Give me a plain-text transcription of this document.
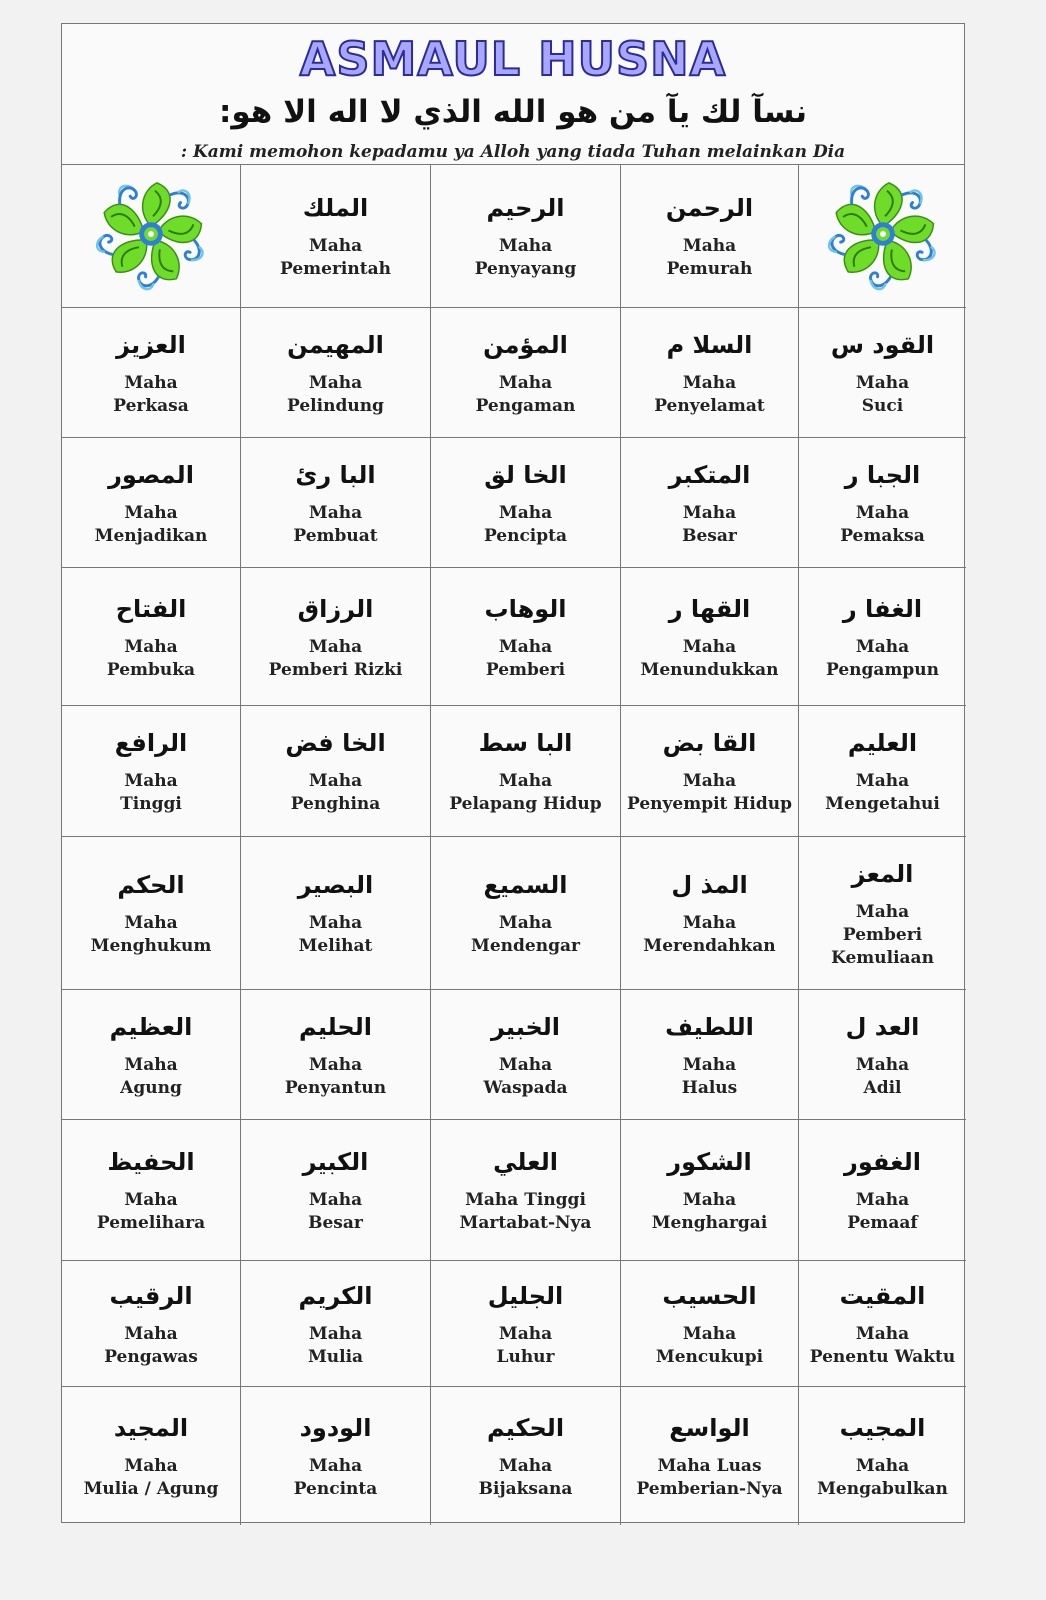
ASMAUL HUSNA
نسآ لك يآ من هو الله الذي لا اله الا هو:
: Kami memohon kepadamu ya Alloh yang tiada Tuhan melainkan Dia
الملك
Maha
Pemerintah
الرحيم
Maha
Penyayang
الرحمن
Maha
Pemurah
العزيز
Maha
Perkasa
المهيمن
Maha
Pelindung
المؤمن
Maha
Pengaman
السلا م
Maha
Penyelamat
القود س
Maha
Suci
المصور
Maha
Menjadikan
البا رئ
Maha
Pembuat
الخا لق
Maha
Pencipta
المتكبر
Maha
Besar
الجبا ر
Maha
Pemaksa
الفتاح
Maha
Pembuka
الرزاق
Maha
Pemberi Rizki
الوهاب
Maha
Pemberi
القها ر
Maha
Menundukkan
الغفا ر
Maha
Pengampun
الرافع
Maha
Tinggi
الخا فض
Maha
Penghina
البا سط
Maha
Pelapang Hidup
القا بض
Maha
Penyempit Hidup
العليم
Maha
Mengetahui
الحكم
Maha
Menghukum
البصير
Maha
Melihat
السميع
Maha
Mendengar
المذ ل
Maha
Merendahkan
المعز
Maha
Pemberi
Kemuliaan
العظيم
Maha
Agung
الحليم
Maha
Penyantun
الخبير
Maha
Waspada
اللطيف
Maha
Halus
العد ل
Maha
Adil
الحفيظ
Maha
Pemelihara
الكبير
Maha
Besar
العلي
Maha Tinggi
Martabat-Nya
الشكور
Maha
Menghargai
الغفور
Maha
Pemaaf
الرقيب
Maha
Pengawas
الكريم
Maha
Mulia
الجليل
Maha
Luhur
الحسيب
Maha
Mencukupi
المقيت
Maha
Penentu Waktu
المجيد
Maha
Mulia / Agung
الودود
Maha
Pencinta
الحكيم
Maha
Bijaksana
الواسع
Maha Luas
Pemberian-Nya
المجيب
Maha
Mengabulkan
